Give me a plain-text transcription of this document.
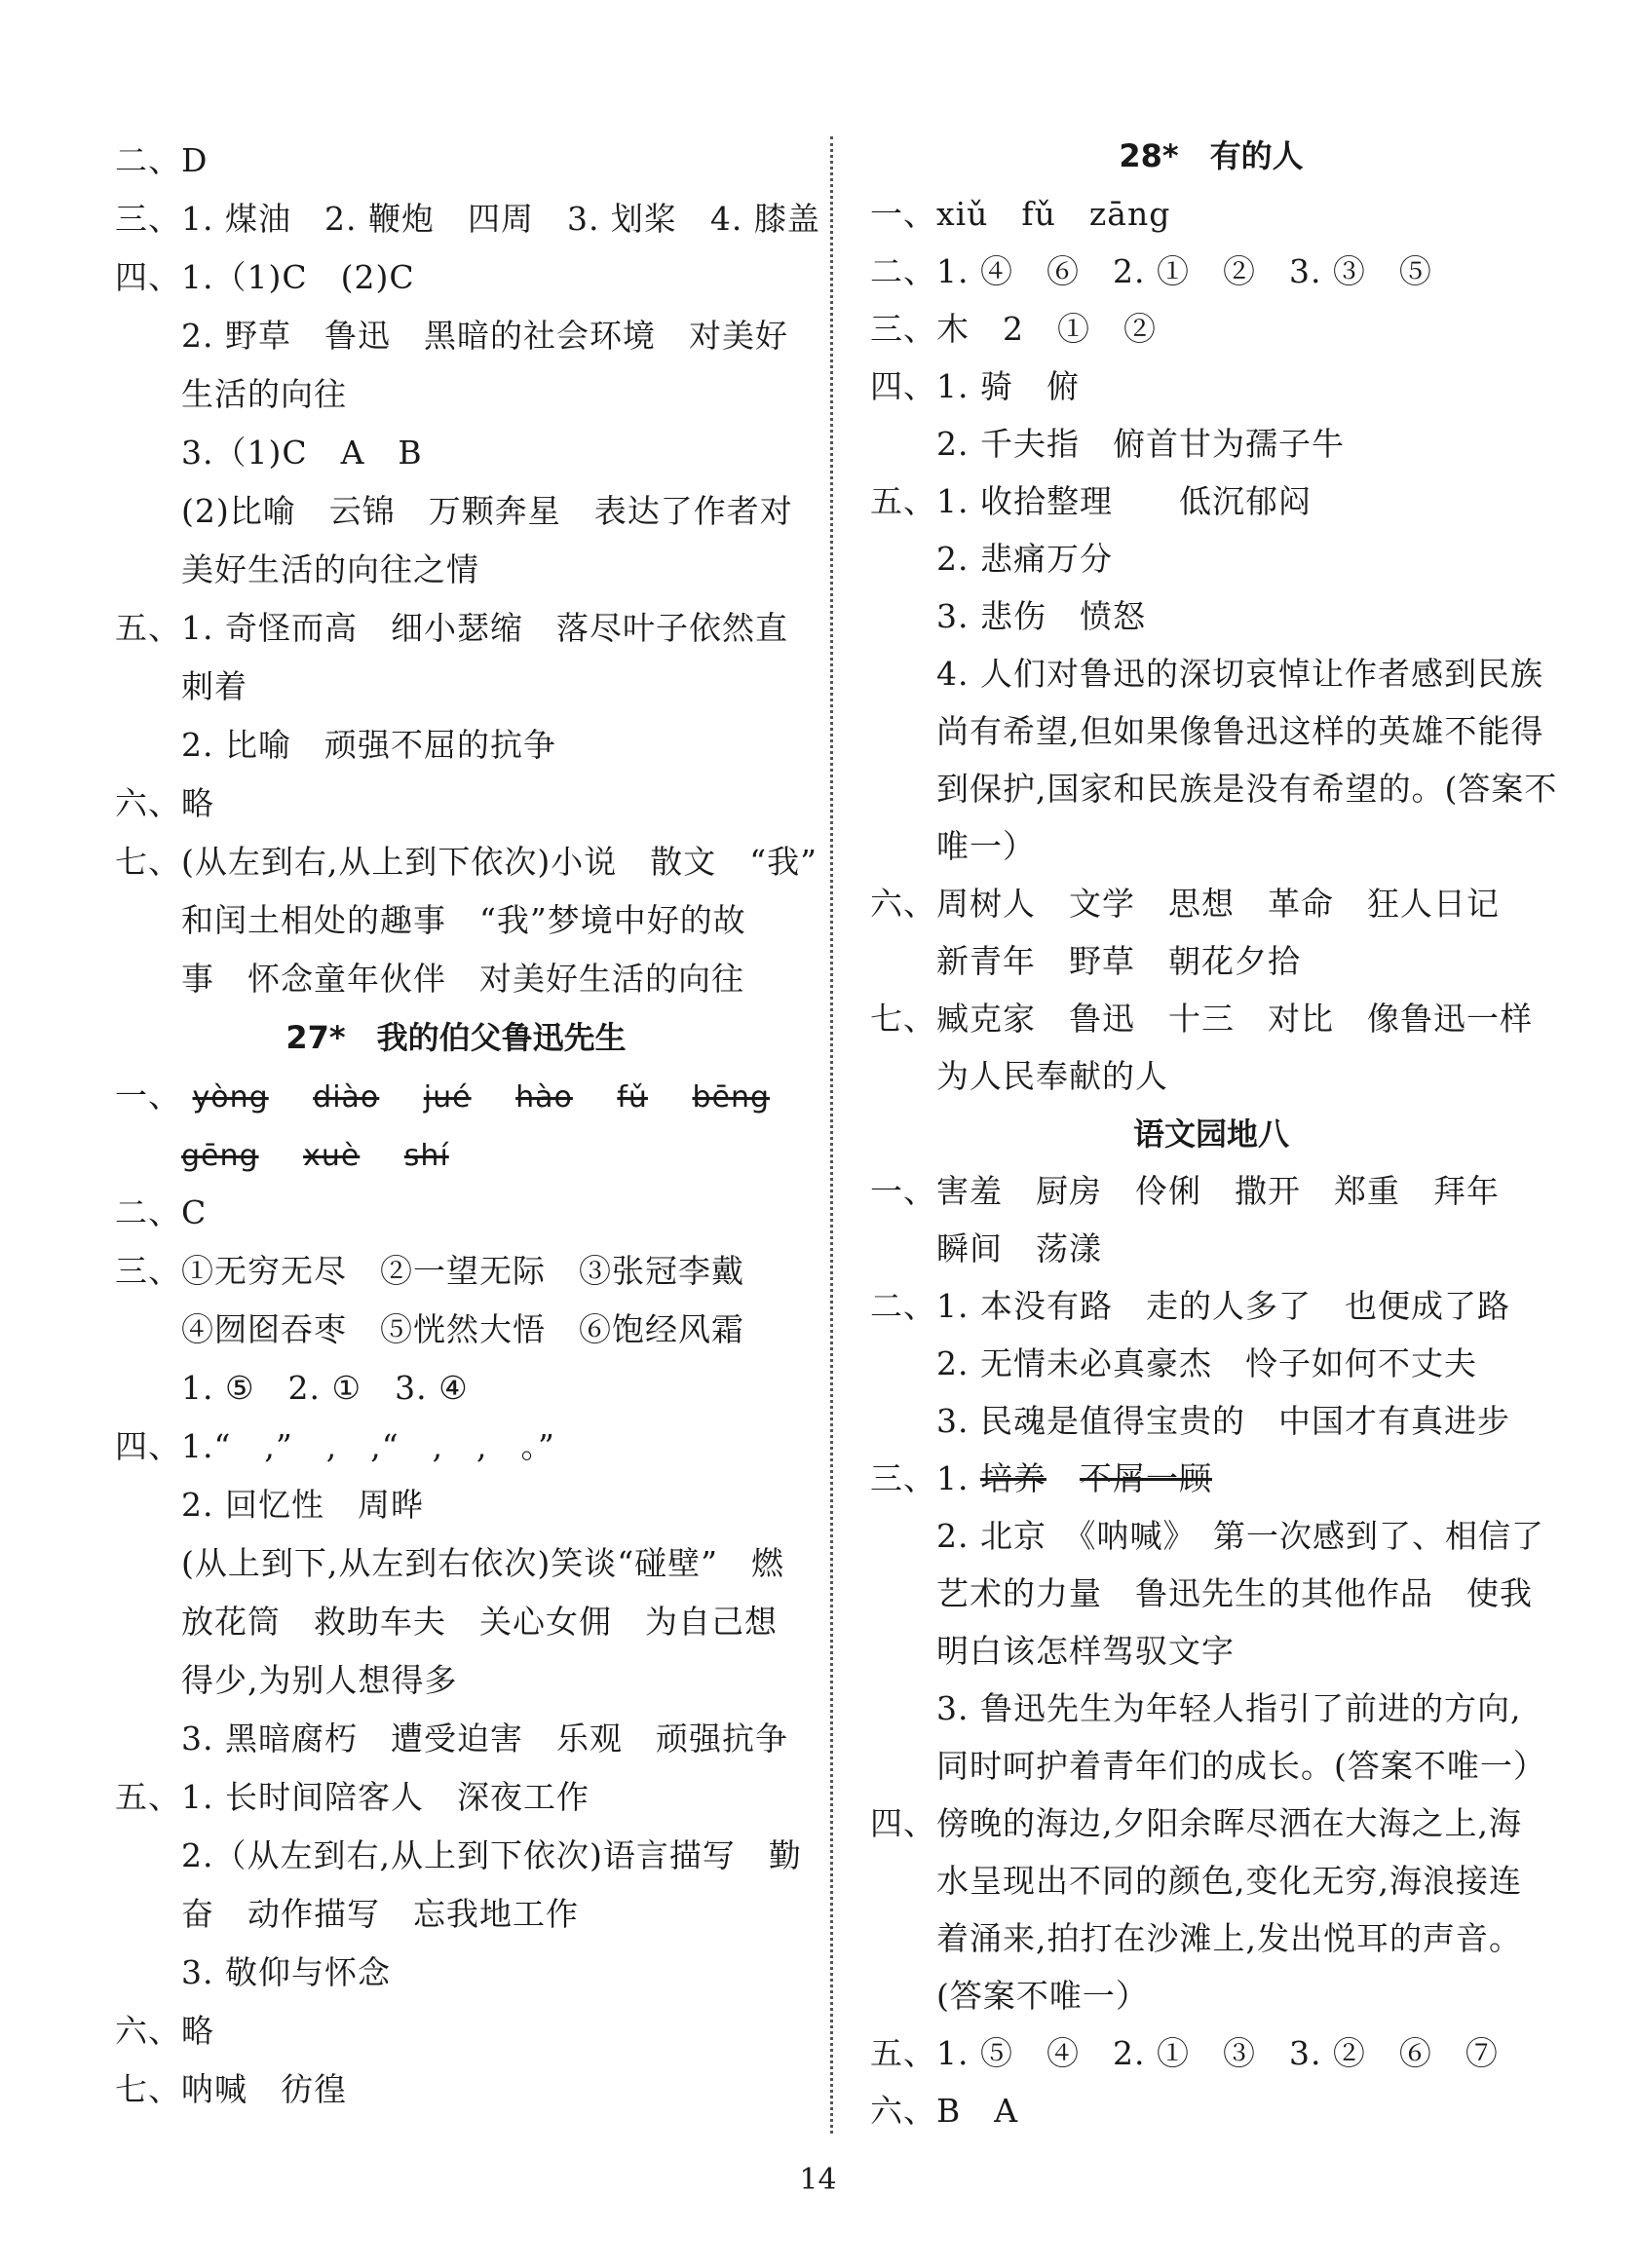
二、D
三、1. 煤油　2. 鞭炮　四周　3. 划桨　4. 膝盖
四、1.（1)C　(2)C
2. 野草　鲁迅　黑暗的社会环境　对美好
生活的向往
3.（1)C　A　B
(2)比喻　云锦　万颗奔星　表达了作者对
美好生活的向往之情
五、1. 奇怪而高　细小瑟缩　落尽叶子依然直
刺着
2. 比喻　顽强不屈的抗争
六、略
七、(从左到右,从上到下依次)小说　散文　“我”
和闰土相处的趣事　“我”梦境中好的故
事　怀念童年伙伴　对美好生活的向往
27*　我的伯父鲁迅先生
一、 yòng diào jué hào fǔ bēng
gēng xuè shí
二、C
三、①无穷无尽　②一望无际　③张冠李戴
④囫囵吞枣　⑤恍然大悟　⑥饱经风霜
1. ⑤　2. ①　3. ④
四、1.“　,”　,　,“　,　,　。”
2. 回忆性　周晔
(从上到下,从左到右依次)笑谈“碰壁”　燃
放花筒　救助车夫　关心女佣　为自己想
得少,为别人想得多
3. 黑暗腐朽　遭受迫害　乐观　顽强抗争
五、1. 长时间陪客人　深夜工作
2.（从左到右,从上到下依次)语言描写　勤
奋　动作描写　忘我地工作
3. 敬仰与怀念
六、略
七、呐喊　彷徨
28*　有的人
一、xiǔ　fǔ　zāng
二、1. ④　⑥　2. ①　②　3. ③　⑤
三、木　2　①　②
四、1. 骑　俯
2. 千夫指　俯首甘为孺子牛
五、1. 收拾整理　　低沉郁闷
2. 悲痛万分
3. 悲伤　愤怒
4. 人们对鲁迅的深切哀悼让作者感到民族
尚有希望,但如果像鲁迅这样的英雄不能得
到保护,国家和民族是没有希望的。(答案不
唯一）
六、周树人　文学　思想　革命　狂人日记
新青年　野草　朝花夕拾
七、臧克家　鲁迅　十三　对比　像鲁迅一样
为人民奉献的人
语文园地八
一、害羞　厨房　伶俐　撒开　郑重　拜年
瞬间　荡漾
二、1. 本没有路　走的人多了　也便成了路
2. 无情未必真豪杰　怜子如何不丈夫
3. 民魂是值得宝贵的　中国才有真进步
三、1. 培养　 不屑一顾
2. 北京　《呐喊》　第一次感到了、相信了
艺术的力量　鲁迅先生的其他作品　使我
明白该怎样驾驭文字
3. 鲁迅先生为年轻人指引了前进的方向,
同时呵护着青年们的成长。(答案不唯一）
四、傍晚的海边,夕阳余晖尽洒在大海之上,海
水呈现出不同的颜色,变化无穷,海浪接连
着涌来,拍打在沙滩上,发出悦耳的声音。
(答案不唯一）
五、1. ⑤　④　2. ①　③　3. ②　⑥　⑦
六、B　A
14
